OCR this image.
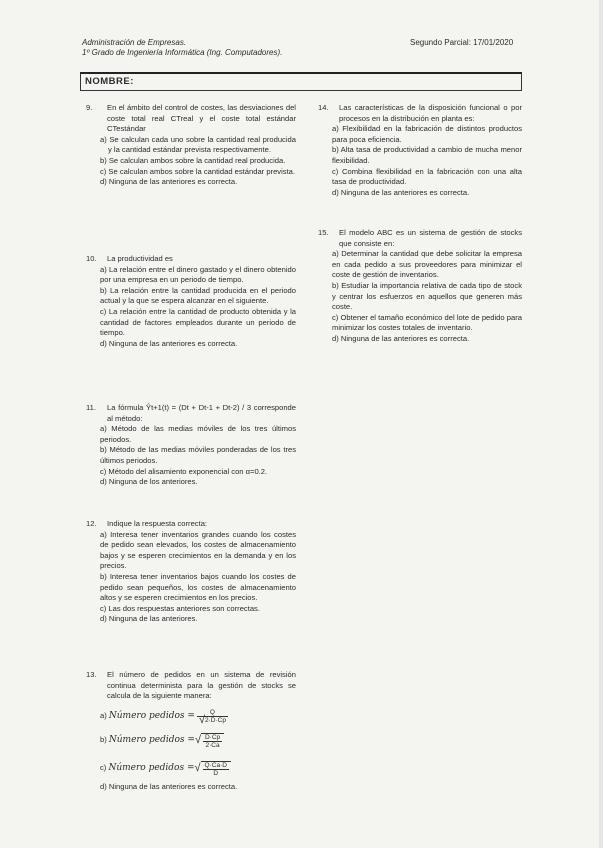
Administración de Empresas.
1º Grado de Ingeniería Informática (Ing. Computadores).
Segundo Parcial: 17/01/2020
NOMBRE:
9.	En el ámbito del control de costes, las desviaciones del coste total real CTreal y el coste total estándar CTestándar
a) Se calculan cada uno sobre la cantidad real producida y la cantidad estándar prevista respectivamente.
b) Se calculan ambos sobre la cantidad real producida.
c) Se calculan ambos sobre la cantidad estándar prevista.
d) Ninguna de las anteriores es correcta.
10.	La productividad es
a) La relación entre el dinero gastado y el dinero obtenido por una empresa en un periodo de tiempo.
b) La relación entre la cantidad producida en el periodo actual y la que se espera alcanzar en el siguiente.
c) La relación entre la cantidad de producto obtenida y la cantidad de factores empleados durante un periodo de tiempo.
d) Ninguna de las anteriores es correcta.
11.	La fórmula Ŷt+1(t) = (Dt + Dt-1 + Dt-2) / 3 corresponde al método:
a) Método de las medias móviles de los tres últimos periodos.
b) Método de las medias móviles ponderadas de los tres últimos periodos.
c) Método del alisamiento exponencial con α=0.2.
d) Ninguna de los anteriores.
12.	Indique la respuesta correcta:
a) Interesa tener inventarios grandes cuando los costes de pedido sean elevados, los costes de almacenamiento bajos y se esperen crecimientos en la demanda y en los precios.
b) Interesa tener inventarios bajos cuando los costes de pedido sean pequeños, los costes de almacenamiento altos y se esperen crecimientos en los precios.
c) Las dos respuestas anteriores son correctas.
d) Ninguna de las anteriores.
13.	El número de pedidos en un sistema de revisión continua determinista para la gestión de stocks se calcula de la siguiente manera:
a)
Número pedidos = $\frac{Q}{√2\cdot D\cdot Cp}$
b)
Número pedidos = √ $\frac{D\cdot Cp}{2\cdot Ca}$
c)
Número pedidos = √ $\frac{Q\cdot Ca\cdot D}{D}$
d) Ninguna de las anteriores es correcta.
14.	Las características de la disposición funcional o por procesos en la distribución en planta es:
a) Flexibilidad en la fabricación de distintos productos para poca eficiencia.
b) Alta tasa de productividad a cambio de mucha menor flexibilidad.
c) Combina flexibilidad en la fabricación con una alta tasa de productividad.
d) Ninguna de las anteriores es correcta.
15.	El modelo ABC es un sistema de gestión de stocks que consiste en:
a) Determinar la cantidad que debe solicitar la empresa en cada pedido a sus proveedores para minimizar el coste de gestión de inventarios.
b) Estudiar la importancia relativa de cada tipo de stock y centrar los esfuerzos en aquellos que generen más coste.
c) Obtener el tamaño económico del lote de pedido para minimizar los costes totales de inventario.
d) Ninguna de las anteriores es correcta.
